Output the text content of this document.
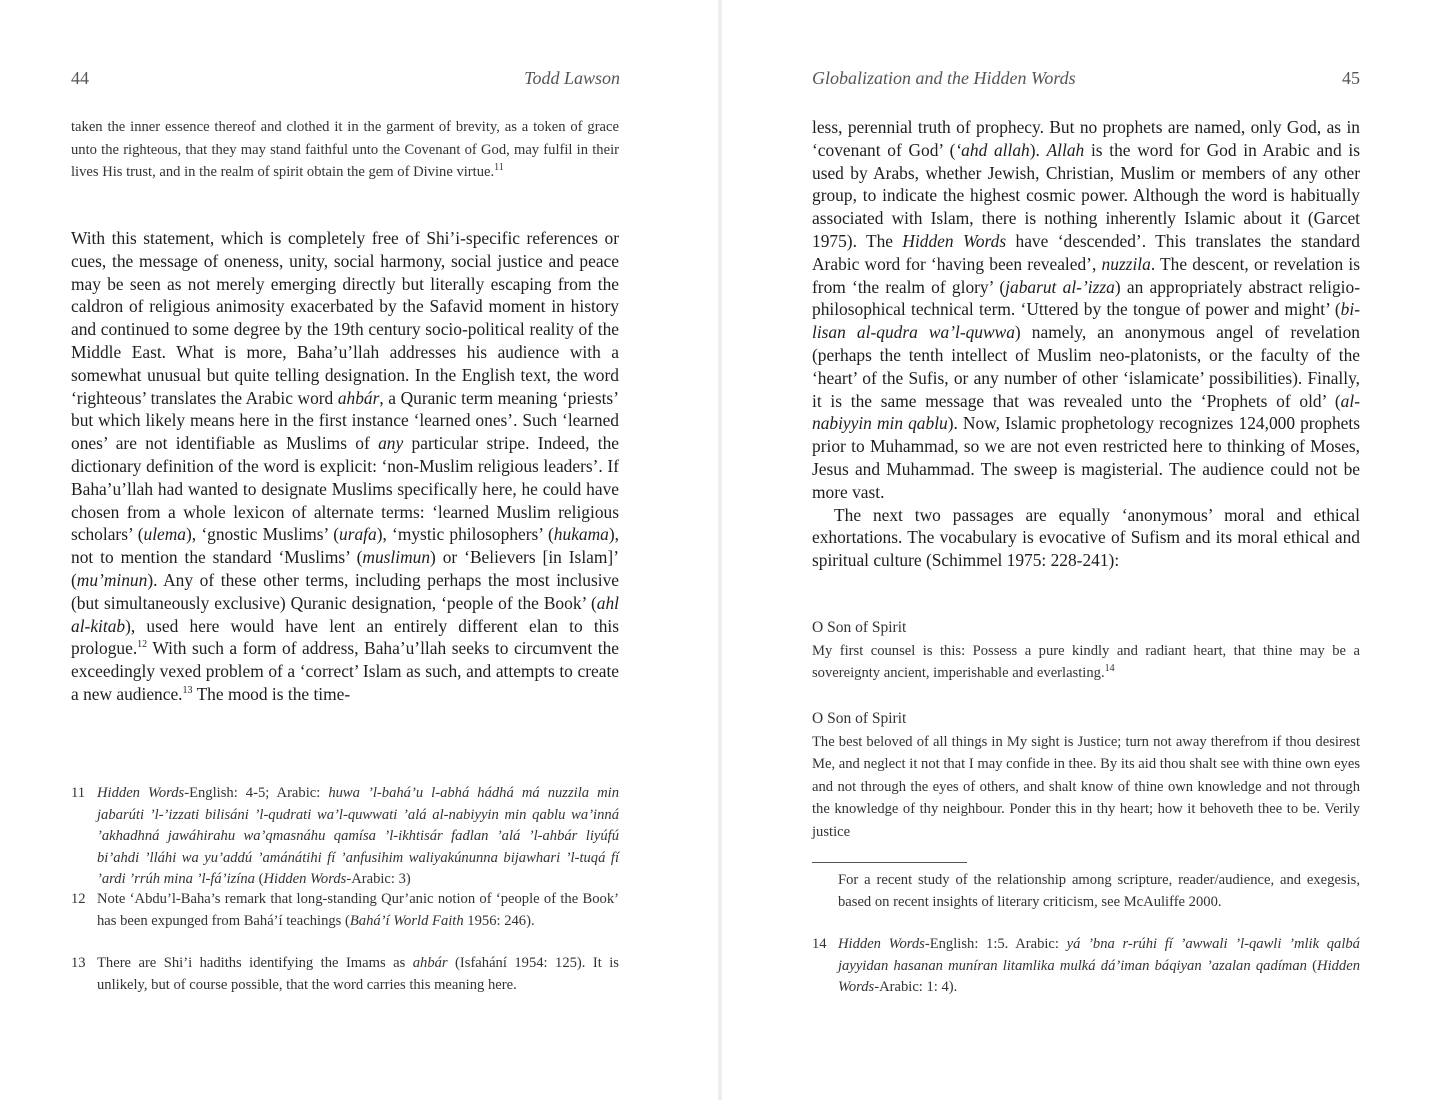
44	Todd Lawson

taken the inner essence thereof and clothed it in the garment of brevity, as a token of grace unto the righteous, that they may stand faithful unto the Covenant of God, may fulfil in their lives His trust, and in the realm of spirit obtain the gem of Divine virtue.$^{11}$

With this statement, which is completely free of Shi’i-specific references or cues, the message of oneness, unity, social harmony, social justice and peace may be seen as not merely emerging directly but literally escaping from the caldron of religious animosity exacerbated by the Safavid moment in history and continued to some degree by the 19th century socio-political reality of the Middle East. What is more, Baha’u’llah addresses his audience with a somewhat unusual but quite telling designation. In the English text, the word ‘righteous’ translates the Arabic word ahbár, a Quranic term meaning ‘priests’ but which likely means here in the first instance ‘learned ones’. Such ‘learned ones’ are not identifiable as Muslims of any particular stripe. Indeed, the dictionary definition of the word is explicit: ‘non-Muslim religious leaders’. If Baha’u’llah had wanted to designate Muslims specifically here, he could have chosen from a whole lexicon of alternate terms: ‘learned Muslim religious scholars’ (ulema), ‘gnostic Muslims’ (urafa), ‘mystic philosophers’ (hukama), not to mention the standard ‘Muslims’ (muslimun) or ‘Believers [in Islam]’ (mu’minun). Any of these other terms, including perhaps the most inclusive (but simultaneously exclusive) Quranic designation, ‘people of the Book’ (ahl al-kitab), used here would have lent an entirely different elan to this prologue.$^{12}$ With such a form of address, Baha’u’llah seeks to circumvent the exceedingly vexed problem of a ‘correct’ Islam as such, and attempts to create a new audience.$^{13}$ The mood is the time-

11 Hidden Words-English: 4-5; Arabic: huwa ’l-bahá’u l-abhá hádhá má nuzzila min jabarúti ’l-’izzati bilisáni ’l-qudrati wa’l-quwwati ’alá al-nabiyyin min qablu wa’inná ’akhadhná jawáhirahu wa’qmasnáhu qamísa ’l-ikhtisár fadlan ’alá ’l-ahbár liyúfú bi’ahdi ’lláhi wa yu’addú ’amánátihi fí ’anfusihim waliyakúnunna bijawhari ’l-tuqá fí ’ardi ’rrúh mina ’l-fá’izína (Hidden Words-Arabic: 3)
12 Note ‘Abdu’l-Baha’s remark that long-standing Qur’anic notion of ‘people of the Book’ has been expunged from Bahá’í teachings (Bahá’í World Faith 1956: 246).
13 There are Shi’i hadiths identifying the Imams as ahbár (Isfahání 1954: 125). It is unlikely, but of course possible, that the word carries this meaning here.
Globalization and the Hidden Words	45

less, perennial truth of prophecy. But no prophets are named, only God, as in ‘covenant of God’ (‘ahd allah). Allah is the word for God in Arabic and is used by Arabs, whether Jewish, Christian, Muslim or members of any other group, to indicate the highest cosmic power. Although the word is habitually associated with Islam, there is nothing inherently Islamic about it (Garcet 1975). The Hidden Words have ‘descended’. This translates the standard Arabic word for ‘having been revealed’, nuzzila. The descent, or revelation is from ‘the realm of glory’ (jabarut al-’izza) an appropriately abstract religio-philosophical technical term. ‘Uttered by the tongue of power and might’ (bi-lisan al-qudra wa’l-quwwa) namely, an anonymous angel of revelation (perhaps the tenth intellect of Muslim neo-platonists, or the faculty of the ‘heart’ of the Sufis, or any number of other ‘islamicate’ possibilities). Finally, it is the same message that was revealed unto the ‘Prophets of old’ (al-nabiyyin min qablu). Now, Islamic prophetology recognizes 124,000 prophets prior to Muhammad, so we are not even restricted here to thinking of Moses, Jesus and Muhammad. The sweep is magisterial. The audience could not be more vast.

The next two passages are equally ‘anonymous’ moral and ethical exhortations. The vocabulary is evocative of Sufism and its moral ethical and spiritual culture (Schimmel 1975: 228-241):

O Son of Spirit

My first counsel is this: Possess a pure kindly and radiant heart, that thine may be a sovereignty ancient, imperishable and everlasting.$^{14}$

O Son of Spirit

The best beloved of all things in My sight is Justice; turn not away therefrom if thou desirest Me, and neglect it not that I may confide in thee. By its aid thou shalt see with thine own eyes and not through the eyes of others, and shalt know of thine own knowledge and not through the knowledge of thy neighbour. Ponder this in thy heart; how it behoveth thee to be. Verily justice

For a recent study of the relationship among scripture, reader/audience, and exegesis, based on recent insights of literary criticism, see McAuliffe 2000.
14 Hidden Words-English: 1:5. Arabic: yá ’bna r-rúhi fí ’awwali ’l-qawli ’mlik qalbá jayyidan hasanan muníran litamlika mulká dá’iman báqiyan ’azalan qadíman (Hidden Words-Arabic: 1: 4).
